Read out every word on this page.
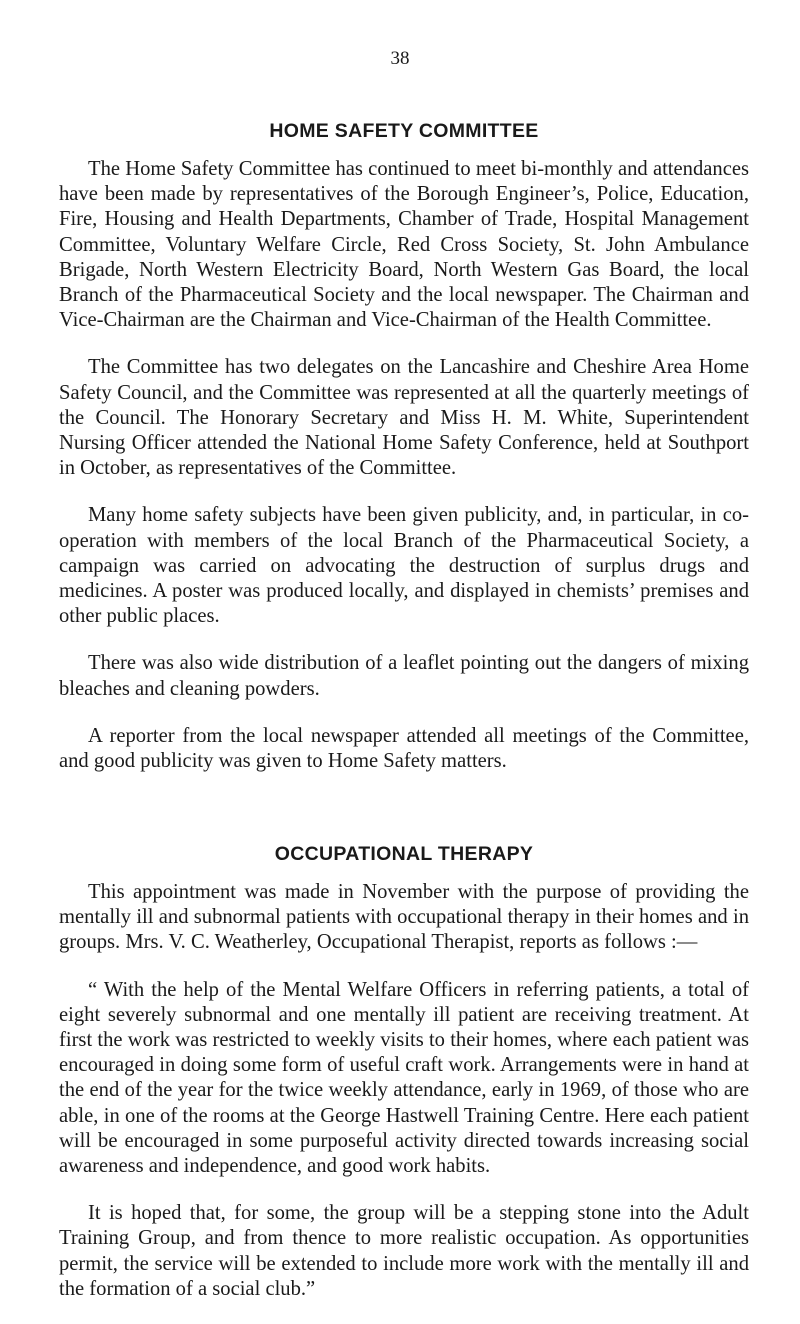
38
HOME SAFETY COMMITTEE

The Home Safety Committee has continued to meet bi-monthly and attendances have been made by representatives of the Borough Engineer’s, Police, Education, Fire, Housing and Health Departments, Chamber of Trade, Hospital Management Committee, Voluntary Welfare Circle, Red Cross Society, St. John Ambulance Brigade, North Western Electricity Board, North Western Gas Board, the local Branch of the Pharmaceutical Society and the local newspaper. The Chairman and Vice-Chairman are the Chairman and Vice-Chairman of the Health Committee.

The Committee has two delegates on the Lancashire and Cheshire Area Home Safety Council, and the Committee was represented at all the quarterly meetings of the Council. The Honorary Secretary and Miss H. M. White, Superintendent Nursing Officer attended the National Home Safety Conference, held at Southport in October, as representatives of the Committee.

Many home safety subjects have been given publicity, and, in particular, in co-operation with members of the local Branch of the Pharmaceutical Society, a campaign was carried on advocating the destruction of surplus drugs and medicines. A poster was produced locally, and displayed in chemists’ premises and other public places.

There was also wide distribution of a leaflet pointing out the dangers of mixing bleaches and cleaning powders.

A reporter from the local newspaper attended all meetings of the Committee, and good publicity was given to Home Safety matters.

OCCUPATIONAL THERAPY

This appointment was made in November with the purpose of providing the mentally ill and subnormal patients with occupational therapy in their homes and in groups. Mrs. V. C. Weatherley, Occupational Therapist, reports as follows :—

“ With the help of the Mental Welfare Officers in referring patients, a total of eight severely subnormal and one mentally ill patient are receiving treatment. At first the work was restricted to weekly visits to their homes, where each patient was encouraged in doing some form of useful craft work. Arrangements were in hand at the end of the year for the twice weekly attendance, early in 1969, of those who are able, in one of the rooms at the George Hastwell Training Centre. Here each patient will be encouraged in some purposeful activity directed towards increasing social awareness and independence, and good work habits.

It is hoped that, for some, the group will be a stepping stone into the Adult Training Group, and from thence to more realistic occupation. As opportunities permit, the service will be extended to include more work with the mentally ill and the formation of a social club.”
